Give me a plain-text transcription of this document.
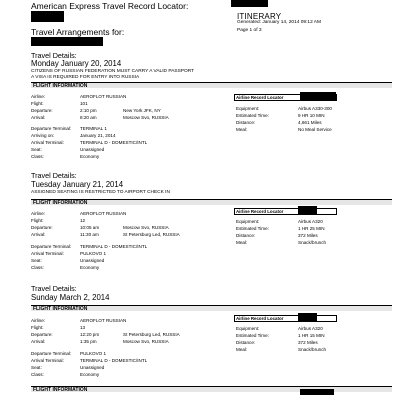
American Express Travel Record Locator:
ITINERARY
Generated: January 14, 2014 09:12 AM
Page 1 of 3
Travel Arrangements for:
Travel Details:
Monday January 20, 2014
CITIZENS OF RUSSIAN FEDERATION MUST CARRY A VALID PASSPORT
A VISA IS REQUIRED FOR ENTRY INTO RUSSIA
FLIGHT INFORMATION
Airline Record Locator
Airline:	AEROFLOT RUSSIAN
Flight:	101
Departure:	2:10 pm	New York JFK, NY
Arrival:	8:20 am	Moscow Svo, RUSSIA
Departure Terminal: TERMINAL 1
Arriving on:	January 21, 2014
Arrival Terminal:	TERMINAL D - DOMESTIC/INTL
Seat:	Unassigned
Class:	Economy
Equipment:	Airbus A330-300
Estimated Time:	9 HR 10 MIN
Distance:	4,661 Miles
Meal:	No Meal Service
Travel Details:
Tuesday January 21, 2014
ASSIGNED SEATING IS RESTRICTED TO AIRPORT CHECK IN
FLIGHT INFORMATION
Airline Record Locator
Airline:	AEROFLOT RUSSIAN
Flight:	12
Departure:	10:05 am	Moscow Svo, RUSSIA
Arrival:	11:30 am	St Petersburg Led, RUSSIA
Departure Terminal: TERMINAL D - DOMESTIC/INTL
Arrival Terminal:	PULKOVO 1
Seat:	Unassigned
Class:	Economy
Equipment:	Airbus A320
Estimated Time:	1 HR 25 MIN
Distance:	372 Miles
Meal:	Snack/brunch
Travel Details:
Sunday March 2, 2014
FLIGHT INFORMATION
Airline Record Locator
Airline:	AEROFLOT RUSSIAN
Flight:	13
Departure:	12:20 pm	St Petersburg Led, RUSSIA
Arrival:	1:35 pm	Moscow Svo, RUSSIA
Departure Terminal: PULKOVO 1
Arrival Terminal:	TERMINAL D - DOMESTIC/INTL
Seat:	Unassigned
Class:	Economy
Equipment:	Airbus A320
Estimated Time:	1 HR 15 MIN
Distance:	372 Miles
Meal:	Snack/brunch
FLIGHT INFORMATION
